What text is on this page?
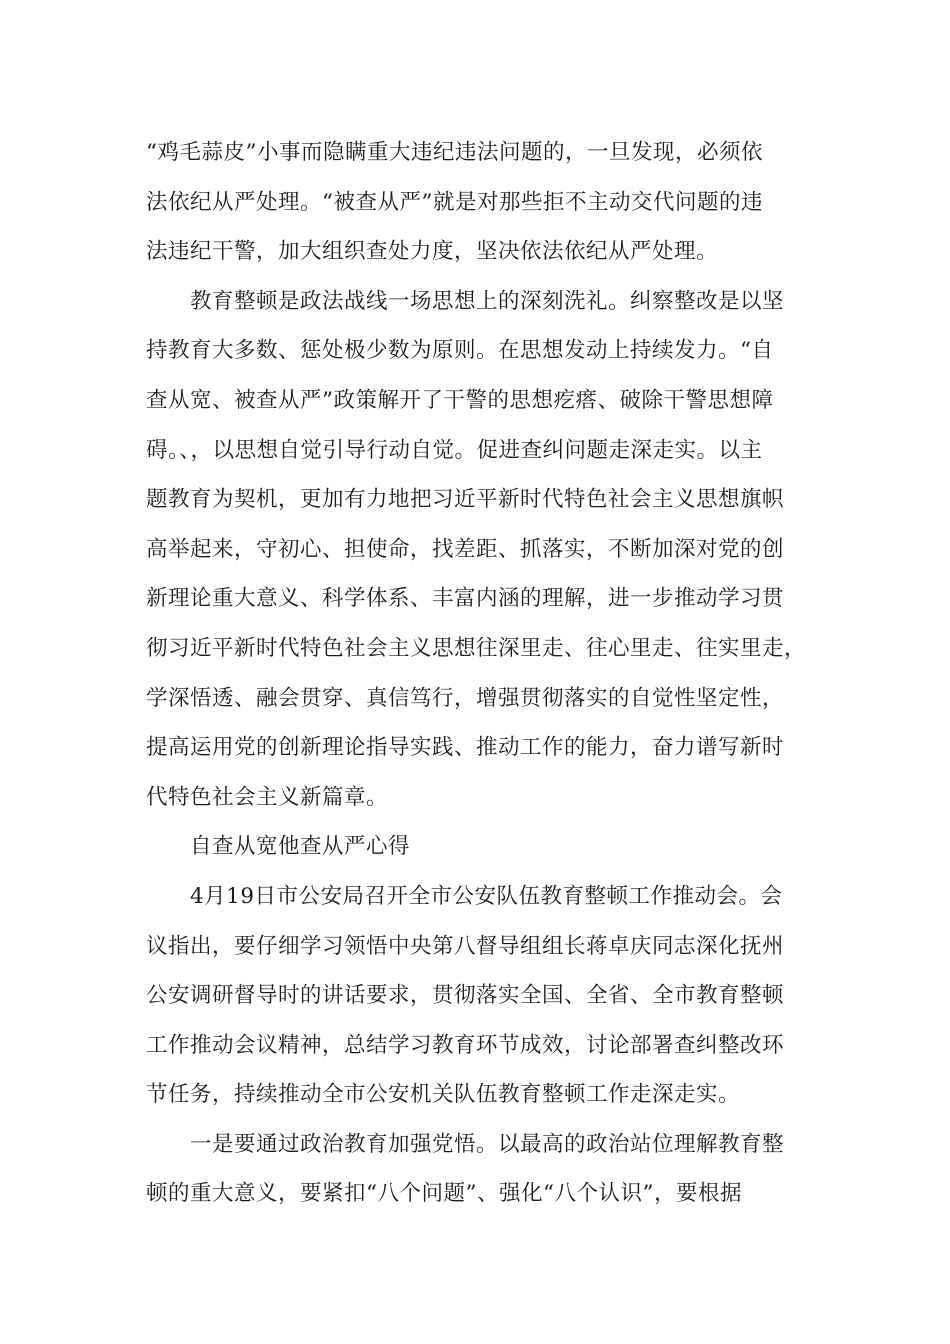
“鸡毛蒜皮”小事而隐瞒重大违纪违法问题的，一旦发现，必须依
法依纪从严处理。“被查从严”就是对那些拒不主动交代问题的违
法违纪干警，加大组织查处力度，坚决依法依纪从严处理。
教育整顿是政法战线一场思想上的深刻洗礼。纠察整改是以坚
持教育大多数、惩处极少数为原则。在思想发动上持续发力。“自
查从宽、被查从严”政策解开了干警的思想疙瘩、破除干警思想障
碍。、，以思想自觉引导行动自觉。促进查纠问题走深走实。以主
题教育为契机，更加有力地把习近平新时代特色社会主义思想旗帜
高举起来，守初心、担使命，找差距、抓落实，不断加深对党的创
新理论重大意义、科学体系、丰富内涵的理解，进一步推动学习贯
彻习近平新时代特色社会主义思想往深里走、往心里走、往实里走，
学深悟透、融会贯穿、真信笃行，增强贯彻落实的自觉性坚定性，
提高运用党的创新理论指导实践、推动工作的能力，奋力谱写新时
代特色社会主义新篇章。
自查从宽他查从严心得
4月19日市公安局召开全市公安队伍教育整顿工作推动会。会
议指出，要仔细学习领悟中央第八督导组组长蒋卓庆同志深化抚州
公安调研督导时的讲话要求，贯彻落实全国、全省、全市教育整顿
工作推动会议精神，总结学习教育环节成效，讨论部署查纠整改环
节任务，持续推动全市公安机关队伍教育整顿工作走深走实。
一是要通过政治教育加强党悟。以最高的政治站位理解教育整
顿的重大意义，要紧扣“八个问题”、强化“八个认识”，要根据
